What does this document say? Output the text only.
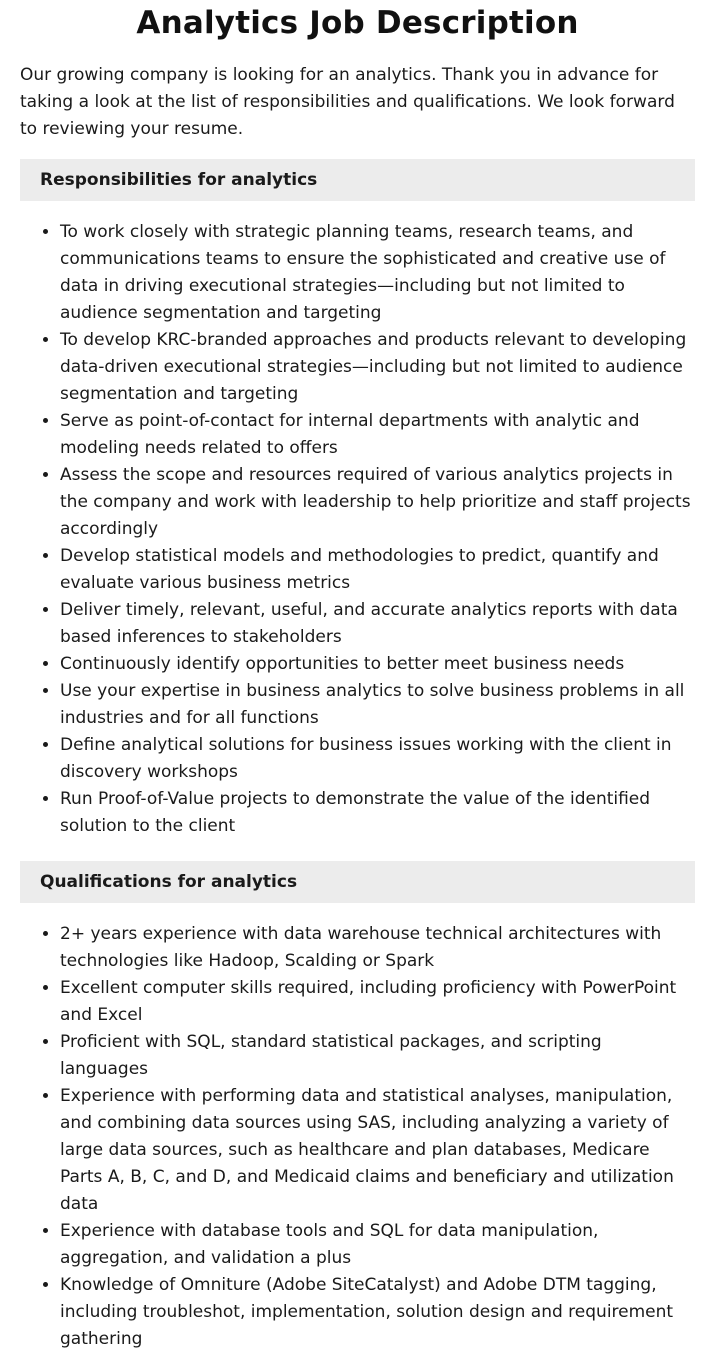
Analytics Job Description

Our growing company is looking for an analytics. Thank you in advance for taking a look at the list of responsibilities and qualifications. We look forward to reviewing your resume.

Responsibilities for analytics
• To work closely with strategic planning teams, research teams, and communications teams to ensure the sophisticated and creative use of data in driving executional strategies—including but not limited to audience segmentation and targeting
• To develop KRC-branded approaches and products relevant to developing data-driven executional strategies—including but not limited to audience segmentation and targeting
• Serve as point-of-contact for internal departments with analytic and modeling needs related to offers
• Assess the scope and resources required of various analytics projects in the company and work with leadership to help prioritize and staff projects accordingly
• Develop statistical models and methodologies to predict, quantify and evaluate various business metrics
• Deliver timely, relevant, useful, and accurate analytics reports with data based inferences to stakeholders
• Continuously identify opportunities to better meet business needs
• Use your expertise in business analytics to solve business problems in all industries and for all functions
• Define analytical solutions for business issues working with the client in discovery workshops
• Run Proof-of-Value projects to demonstrate the value of the identified solution to the client
Qualifications for analytics
• 2+ years experience with data warehouse technical architectures with technologies like Hadoop, Scalding or Spark
• Excellent computer skills required, including proficiency with PowerPoint and Excel
• Proficient with SQL, standard statistical packages, and scripting languages
• Experience with performing data and statistical analyses, manipulation, and combining data sources using SAS, including analyzing a variety of large data sources, such as healthcare and plan databases, Medicare Parts A, B, C, and D, and Medicaid claims and beneficiary and utilization data
• Experience with database tools and SQL for data manipulation, aggregation, and validation a plus
• Knowledge of Omniture (Adobe SiteCatalyst) and Adobe DTM tagging, including troubleshot, implementation, solution design and requirement gathering
